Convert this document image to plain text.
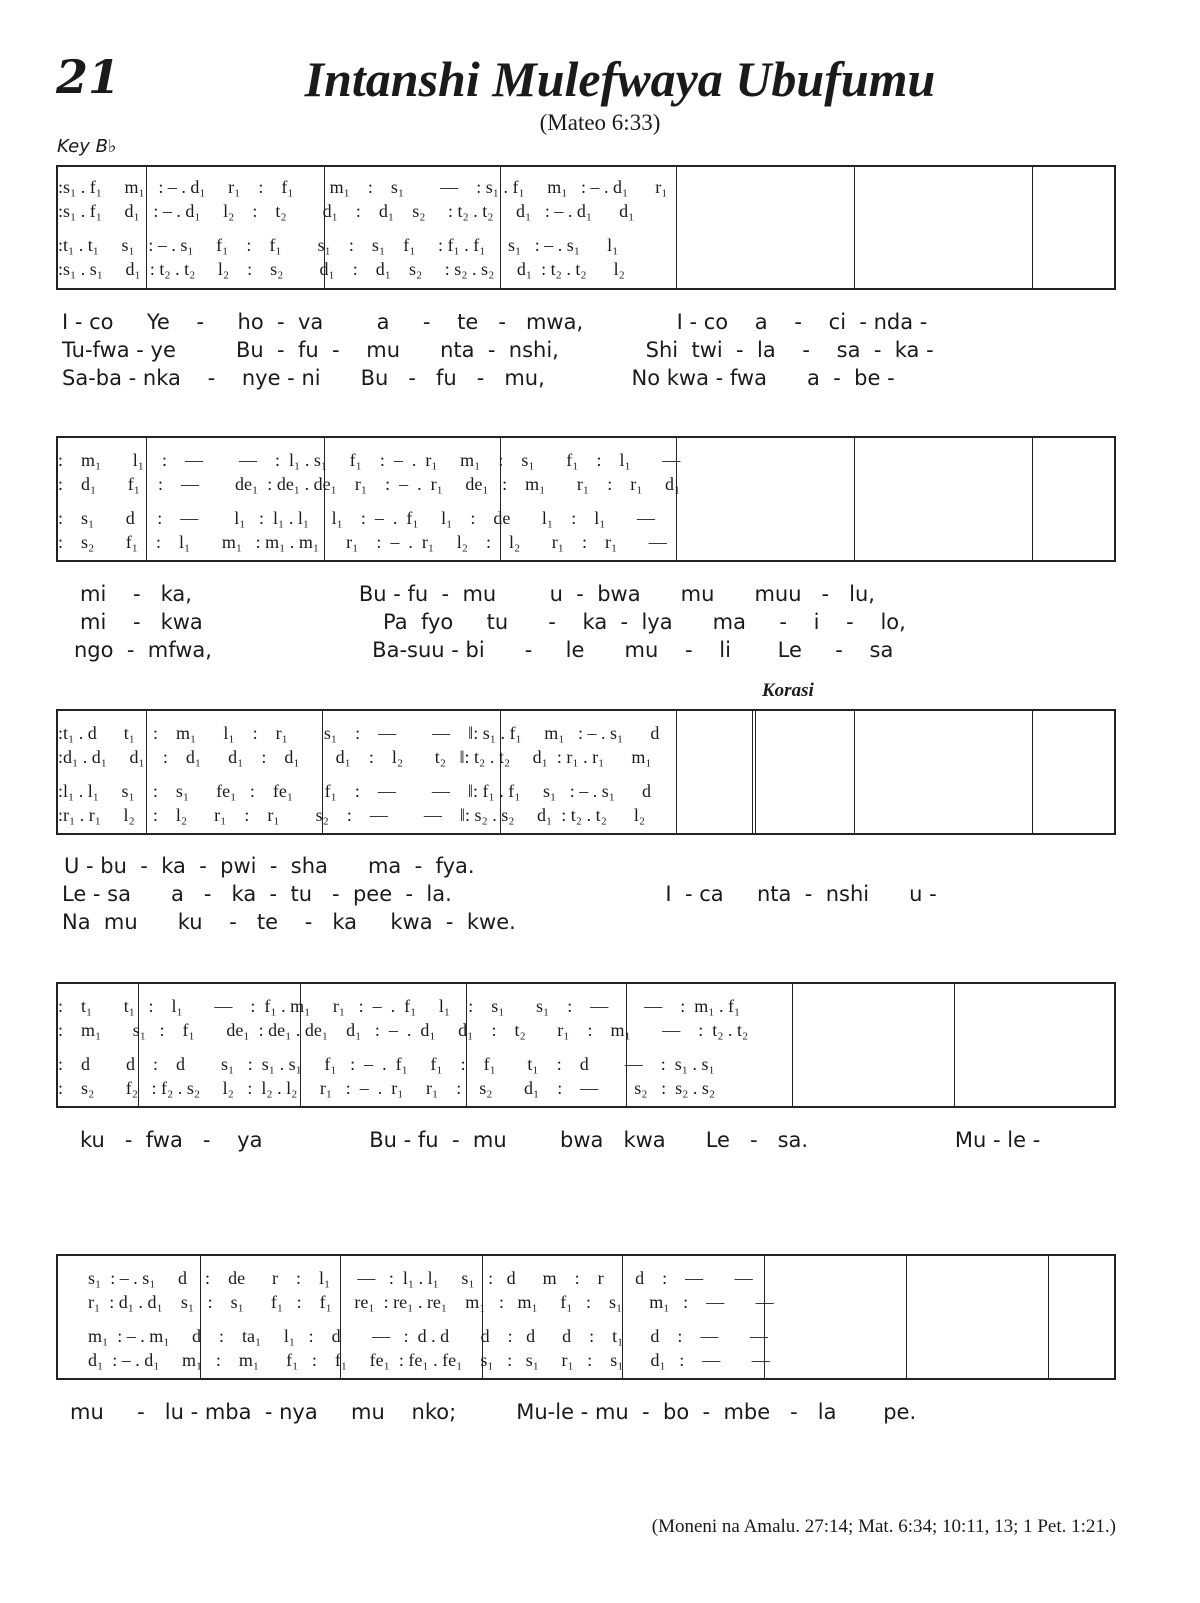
21	Intanshi Mulefwaya Ubufumu
(Mateo 6:33)
Key B♭
:s₁ . f₁     m₁   : – . d₁     r₁    :    f₁        m₁    :    s₁        —    : s₁ . f₁     m₁   : – . d₁      r₁
:s₁ . f₁     d₁   : – . d₁     l₂    :    t₂        d₁    :    d₁    s₂     : t₂ . t₂     d₁   : – . d₁      d₁
:t₁ . t₁     s₁   : – . s₁     f₁    :    f₁        s₁    :    s₁    f₁     : f₁ . f₁     s₁   : – . s₁      l₁
:s₁ . s₁     d₁  : t₂ . t₂     l₂    :    s₂        d₁    :    d₁    s₂     : s₂ . s₂     d₁  : t₂ . t₂      l₂
I - co     Ye    -     ho  -  va        a     -    te   -   mwa,              I - co    a    -    ci  - nda -
Tu-fwa - ye         Bu  -  fu  -    mu      nta  -  nshi,             Shi  twi  -  la    -    sa  -  ka -
Sa-ba - nka    -    nye - ni      Bu   -   fu   -   mu,             No kwa - fwa      a  -  be -
:    m₁       l₁    :    —        —    :  l₁ . s₁     f₁    :  –  .  r₁     m₁    :    s₁       f₁    :    l₁       —
:    d₁       f₁    :    —        de₁  : de₁ . de₁    r₁    :  –  .  r₁     de₁   :    m₁       r₁    :    r₁     d₁
:    s₁       d     :    —        l₁   :  l₁ . l₁     l₁    :  –  .  f₁     l₁    :    de       l₁    :    l₁       —
:    s₂       f₁    :    l₁       m₁   : m₁ . m₁      r₁    :  –  .  r₁     l₂    :    l₂       r₁    :    r₁       —
mi    -   ka,                         Bu - fu  -  mu        u  -  bwa      mu      muu   -   lu,
mi    -   kwa                           Pa  fyo     tu      -    ka  -  lya      ma     -    i    -    lo,
ngo  -  mfwa,                        Ba-suu - bi      -     le      mu    -    li       Le     -    sa
Korasi
:t₁ . d      t₁    :    m₁      l₁    :    r₁        s₁    :    —        —    ‖: s₁ . f₁     m₁   : – . s₁      d
:d₁ . d₁     d₁    :    d₁      d₁    :    d₁        d₁    :    l₂       t₂   ‖: t₂ . t₂     d₁  : r₁ . r₁      m₁
:l₁ . l₁     s₁    :    s₁      fe₁   :    fe₁       f₁    :    —        —    ‖: f₁ . f₁     s₁   : – . s₁      d
:r₁ . r₁     l₂    :    l₂      r₁    :    r₁        s₂    :    —        —    ‖: s₂ . s₂     d₁  : t₂ . t₂      l₂
U - bu  -  ka  -  pwi  -  sha      ma  -  fya.
Le - sa      a   -   ka  -  tu   -  pee  -  la.                                I  - ca     nta  -  nshi      u -
Na  mu      ku    -   te    -   ka     kwa  -  kwe.
:    t₁       t₁   :    l₁       —    :  f₁ . m₁     r₁   :  –  .  f₁     l₁    :    s₁       s₁    :    —        —    :  m₁ . f₁
:    m₁       s₁   :    f₁       de₁  : de₁ . de₁    d₁   :  –  .  d₁     d₁    :    t₂       r₁    :    m₁       —    :  t₂ . t₂
:    d        d    :    d        s₁   :  s₁ . s₁     f₁   :  –  .  f₁     f₁    :    f₁       t₁    :    d        —    :  s₁ . s₁
:    s₂       f₂   : f₂ . s₂     l₂   :  l₂ . l₂     r₁   :  –  .  r₁     r₁    :    s₂       d₁    :    —        s₂   :  s₂ . s₂
ku   -  fwa   -    ya                Bu - fu  -  mu        bwa   kwa      Le   -   sa.                      Mu - le -
s₁  : – . s₁     d    :    de      r    :    l₁      —   :  l₁ . l₁     s₁   :   d      m    :    r       d    :    —       —
r₁  : d₁ . d₁    s₁   :    s₁      f₁   :    f₁     re₁  : re₁ . re₁    m₁   :   m₁     f₁   :    s₁      m₁   :    —       —
m₁  : – . m₁     d    :    ta₁     l₁   :    d       —   :  d . d       d    :   d      d    :    t₁      d    :    —       —
d₁  : – . d₁     m₁   :    m₁      f₁   :    f₁     fe₁  : fe₁ . fe₁    s₁   :   s₁     r₁   :    s₁      d₁   :    —       —
mu     -   lu - mba  - nya     mu    nko;         Mu-le - mu  -  bo  -  mbe   -   la       pe.
(Moneni na Amalu. 27:14; Mat. 6:34; 10:11, 13; 1 Pet. 1:21.)
